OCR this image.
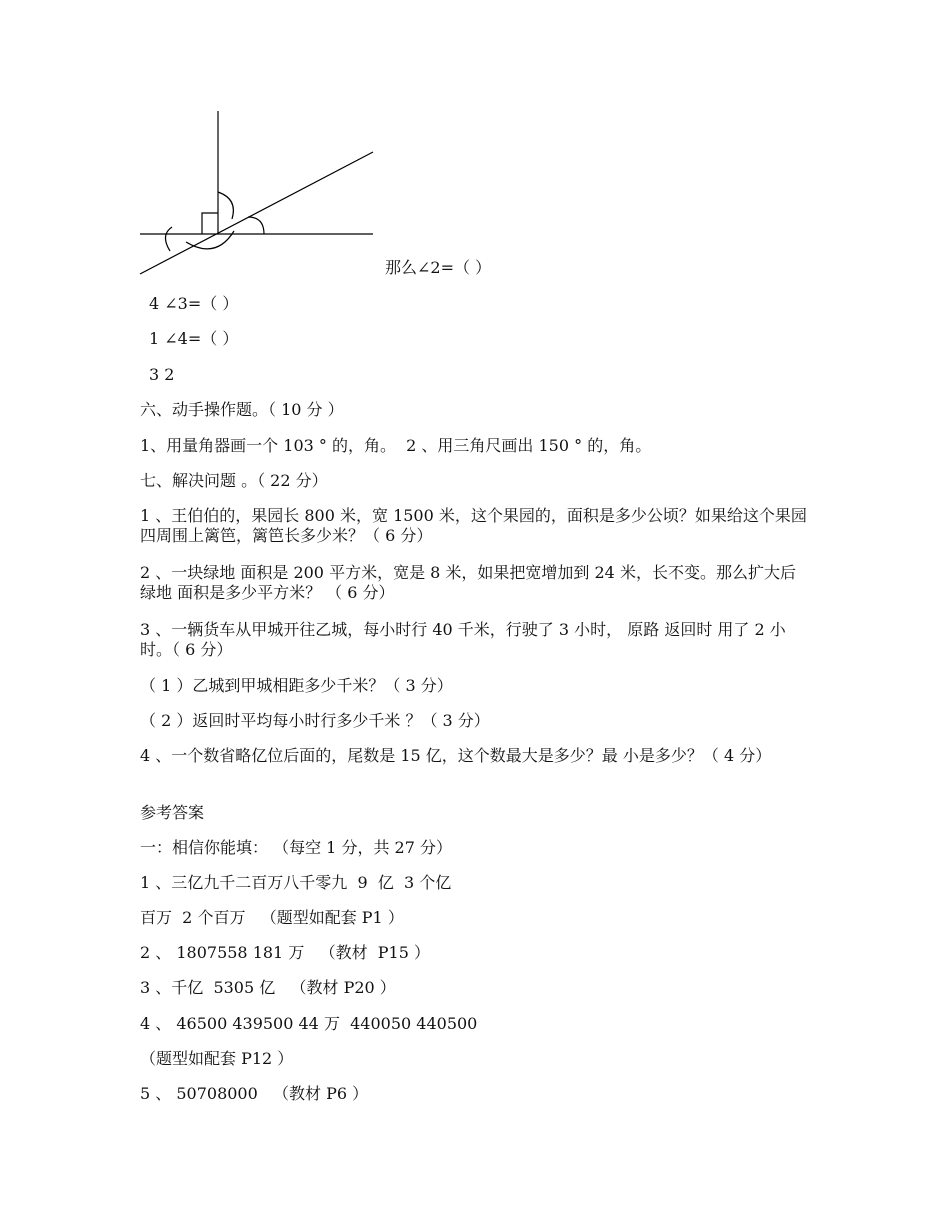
那么∠2=（ ）
4 ∠3=（ ）
1 ∠4=（ ）
3 2
六、动手操作题。（ 10 分 ）
1、用量角器画一个 103 ° 的，角。  2 、用三角尺画出 150 ° 的，角。
七、解决问题 。（ 22 分）
1 、王伯伯的，果园长 800 米，宽 1500 米，这个果园的，面积是多少公顷？如果给这个果园四周围上篱笆，篱笆长多少米？（ 6 分）
2 、一块绿地 面积是 200 平方米，宽是 8 米，如果把宽增加到 24 米，长不变。那么扩大后绿地 面积是多少平方米？ （ 6 分）
3 、一辆货车从甲城开往乙城，每小时行 40 千米，行驶了 3 小时， 原路 返回时 用了 2 小时。（ 6 分）
（ 1 ）乙城到甲城相距多少千米？（ 3 分）
（ 2 ）返回时平均每小时行多少千米 ？（ 3 分）
4 、一个数省略亿位后面的，尾数是 15 亿，这个数最大是多少？最 小是多少？（ 4 分）
参考答案
一：相信你能填： （每空 1 分，共 27 分）
1 、三亿九千二百万八千零九  9  亿  3 个亿
百万  2 个百万   （题型如配套 P1 ）
2 、 1807558 181 万   （教材  P15 ）
3 、千亿  5305 亿   （教材 P20 ）
4 、 46500 439500 44 万  440050 440500
（题型如配套 P12 ）
5 、 50708000   （教材 P6 ）
